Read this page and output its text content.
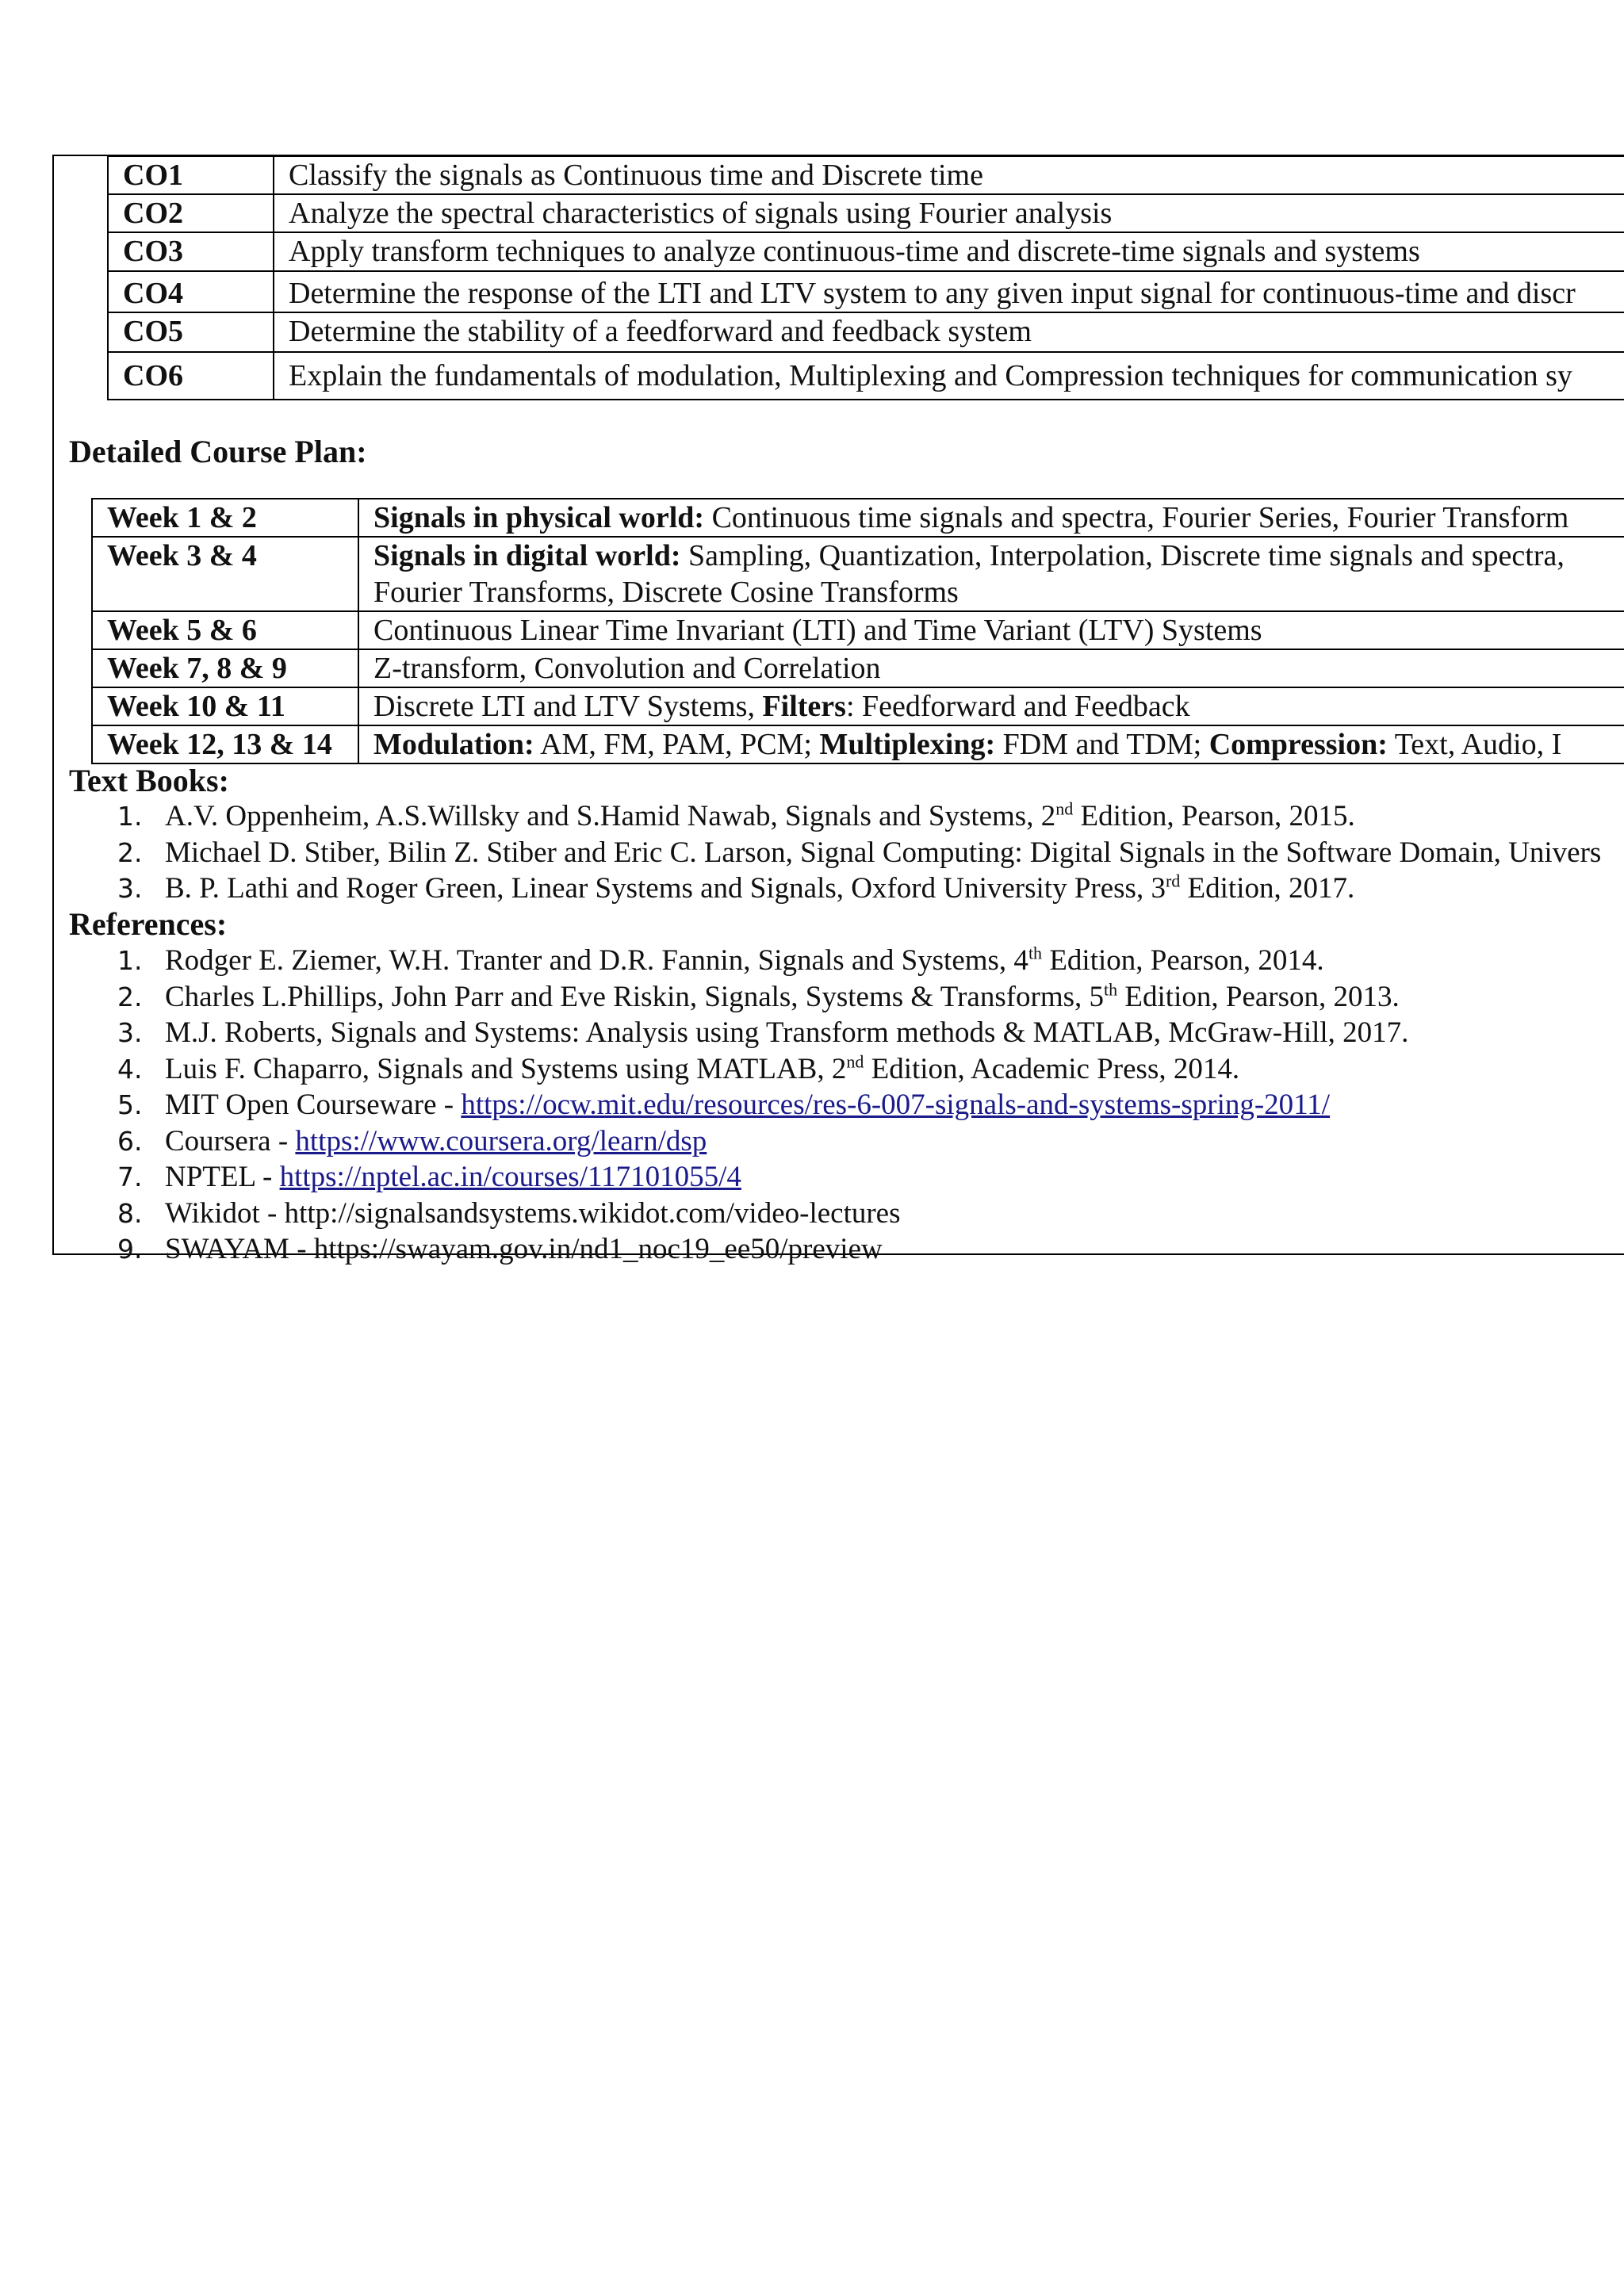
CO1	Classify the signals as Continuous time and Discrete time
CO2	Analyze the spectral characteristics of signals using Fourier analysis
CO3	Apply transform techniques to analyze continuous-time and discrete-time signals and systems
CO4	Determine the response of the LTI and LTV system to any given input signal for continuous-time and discr
CO5	Determine the stability of a feedforward and feedback system
CO6	Explain the fundamentals of modulation, Multiplexing and Compression techniques for communication sy
Detailed Course Plan:
Week 1 & 2	Signals in physical world: Continuous time signals and spectra, Fourier Series, Fourier Transform
Week 3 & 4	Signals in digital world: Sampling, Quantization, Interpolation, Discrete time signals and spectra, Fourier Transforms, Discrete Cosine Transforms
Week 5 & 6	Continuous Linear Time Invariant (LTI) and Time Variant (LTV) Systems
Week 7, 8 & 9	Z-transform, Convolution and Correlation
Week 10 & 11	Discrete LTI and LTV Systems, Filters: Feedforward and Feedback
Week 12, 13 & 14	Modulation: AM, FM, PAM, PCM; Multiplexing: FDM and TDM; Compression: Text, Audio, I
Text Books:
1. A.V. Oppenheim, A.S.Willsky and S.Hamid Nawab, Signals and Systems, 2nd Edition, Pearson, 2015.
2. Michael D. Stiber, Bilin Z. Stiber and Eric C. Larson, Signal Computing: Digital Signals in the Software Domain, Univers
3. B. P. Lathi and Roger Green, Linear Systems and Signals, Oxford University Press, 3rd Edition, 2017.
References:
1. Rodger E. Ziemer, W.H. Tranter and D.R. Fannin, Signals and Systems, 4th Edition, Pearson, 2014.
2. Charles L.Phillips, John Parr and Eve Riskin, Signals, Systems & Transforms, 5th Edition, Pearson, 2013.
3. M.J. Roberts, Signals and Systems: Analysis using Transform methods & MATLAB, McGraw-Hill, 2017.
4. Luis F. Chaparro, Signals and Systems using MATLAB, 2nd Edition, Academic Press, 2014.
5. MIT Open Courseware - https://ocw.mit.edu/resources/res-6-007-signals-and-systems-spring-2011/
6. Coursera - https://www.coursera.org/learn/dsp
7. NPTEL - https://nptel.ac.in/courses/117101055/4
8. Wikidot - http://signalsandsystems.wikidot.com/video-lectures
9. SWAYAM - https://swayam.gov.in/nd1_noc19_ee50/preview
